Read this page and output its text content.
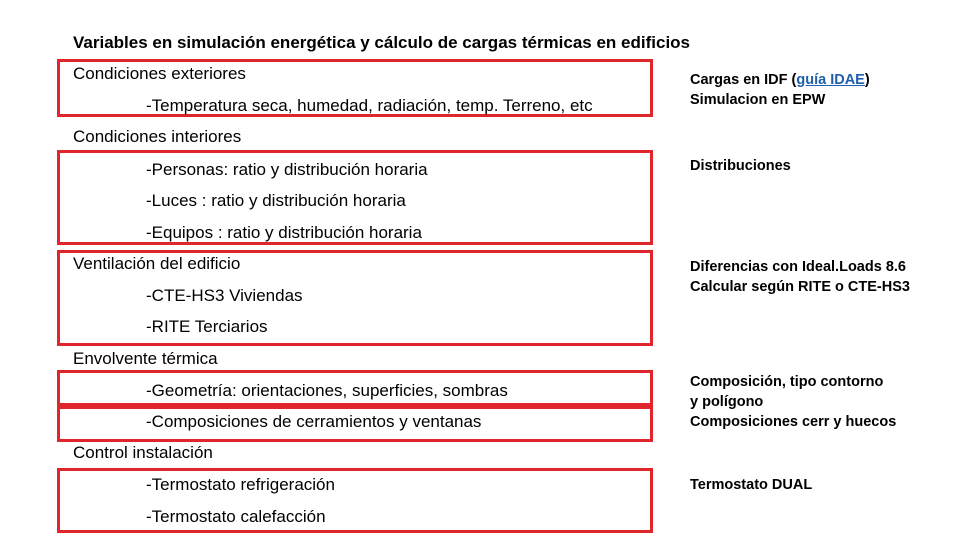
Variables en simulación energética y cálculo de cargas térmicas en edificios
Condiciones exteriores
-Temperatura seca, humedad, radiación, temp. Terreno, etc
Condiciones interiores
-Personas: ratio y distribución horaria
-Luces : ratio y distribución horaria
-Equipos : ratio y distribución horaria
Ventilación del edificio
-CTE-HS3 Viviendas
-RITE Terciarios
Envolvente térmica
-Geometría: orientaciones, superficies, sombras
-Composiciones de cerramientos y ventanas
Control instalación
-Termostato refrigeración
-Termostato calefacción
Cargas en IDF (guía IDAE)
Simulacion en EPW
Distribuciones
Diferencias con Ideal.Loads 8.6
Calcular según RITE o CTE-HS3
Composición, tipo contorno
y polígono
Composiciones cerr y huecos
Termostato DUAL
